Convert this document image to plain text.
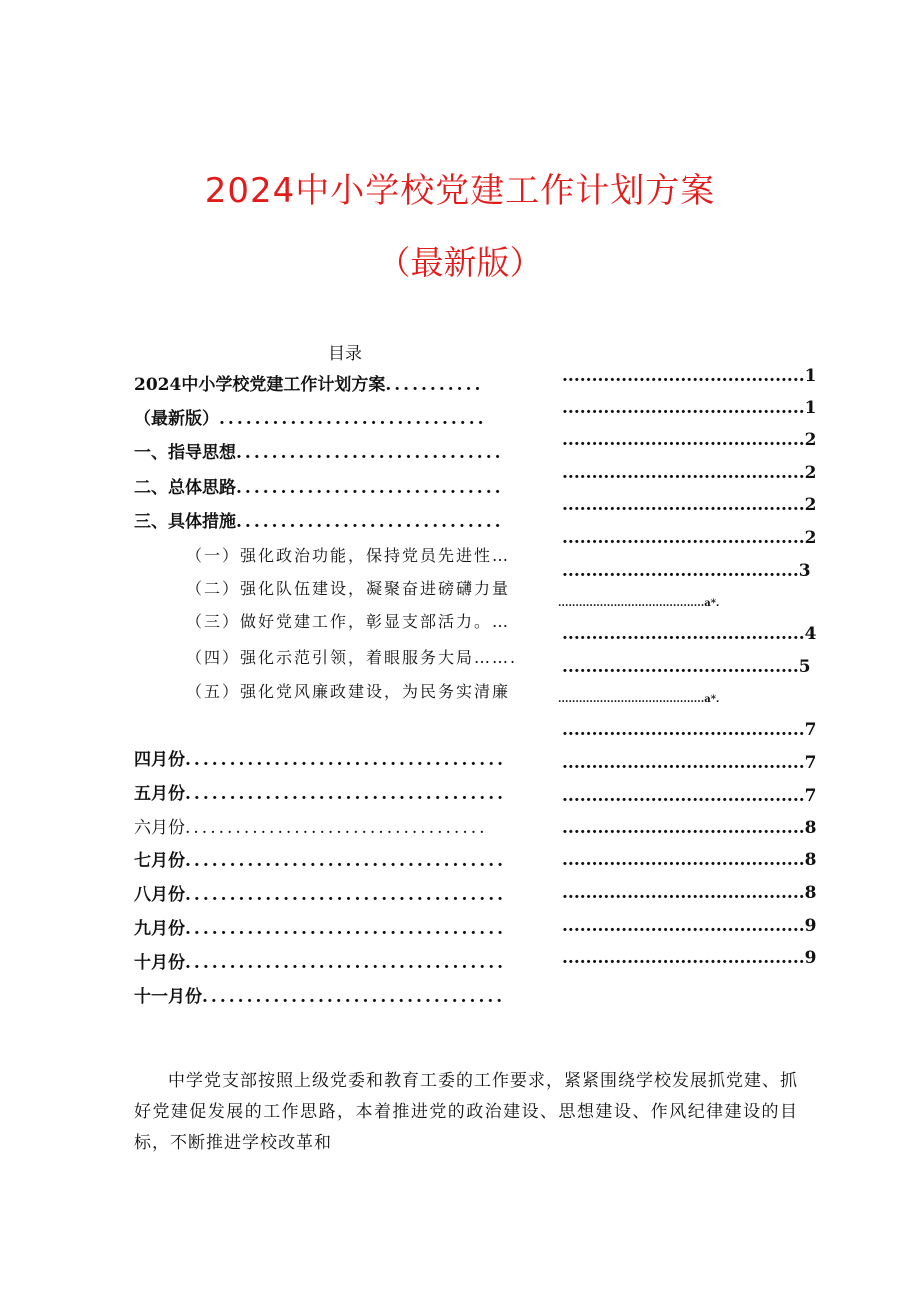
2024中小学校党建工作计划方案
（最新版）
目录
2024中小学校党建工作计划方案...........
（最新版）..............................
一、指导思想..............................
二、总体思路..............................
三、具体措施..............................
（一）强化政治功能，保持党员先进性…
（二）强化队伍建设，凝聚奋进磅礴力量
（三）做好党建工作，彰显支部活力。…
（四）强化示范引领，着眼服务大局…….
（五）强化党风廉政建设，为民务实清廉
四月份....................................
五月份....................................
六月份....................................
七月份....................................
八月份....................................
九月份....................................
十月份....................................
十一月份..................................
.........................................1
.........................................1
.........................................2
.........................................2
.........................................2
.........................................2
........................................3
..........................................a*.
.........................................4
........................................5
..........................................a*.
.........................................7
.........................................7
.........................................7
.........................................8
.........................................8
.........................................8
.........................................9
.........................................9

中学党支部按照上级党委和教育工委的工作要求，紧紧围绕学校发展抓党建、抓好党建促发展的工作思路，本着推进党的政治建设、思想建设、作风纪律建设的目标，不断推进学校改革和
